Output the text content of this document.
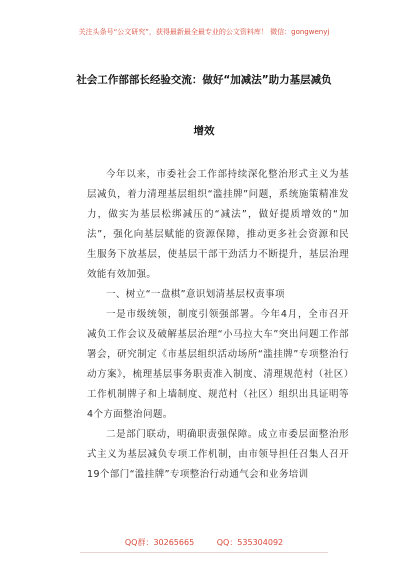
关注头条号“公文研究”，获得最新最全最专业的公文资料库！ 微信：gongwenyj
社会工作部部长经验交流：做好“加减法”助力基层减负
增效

今年以来，市委社会工作部持续深化整治形式主义为基层减负，着力清理基层组织“滥挂牌”问题，系统施策精准发力，做实为基层松绑减压的“减法”，做好提质增效的“加法”，强化向基层赋能的资源保障，推动更多社会资源和民生服务下放基层，使基层干部干劲活力不断提升，基层治理效能有效加强。

一、树立“一盘棋”意识划清基层权责事项

一是市级统领，制度引领强部署。今年4月，全市召开减负工作会议及破解基层治理“小马拉大车”突出问题工作部署会，研究制定《市基层组织活动场所“滥挂牌”专项整治行动方案》，梳理基层事务职责准入制度、清理规范村（社区）工作机制牌子和上墙制度、规范村（社区）组织出具证明等4个方面整治问题。

二是部门联动，明确职责强保障。成立市委层面整治形式主义为基层减负专项工作机制，由市领导担任召集人召开19个部门“滥挂牌”专项整治行动通气会和业务培训

QQ群：30265665	QQ：535304092
